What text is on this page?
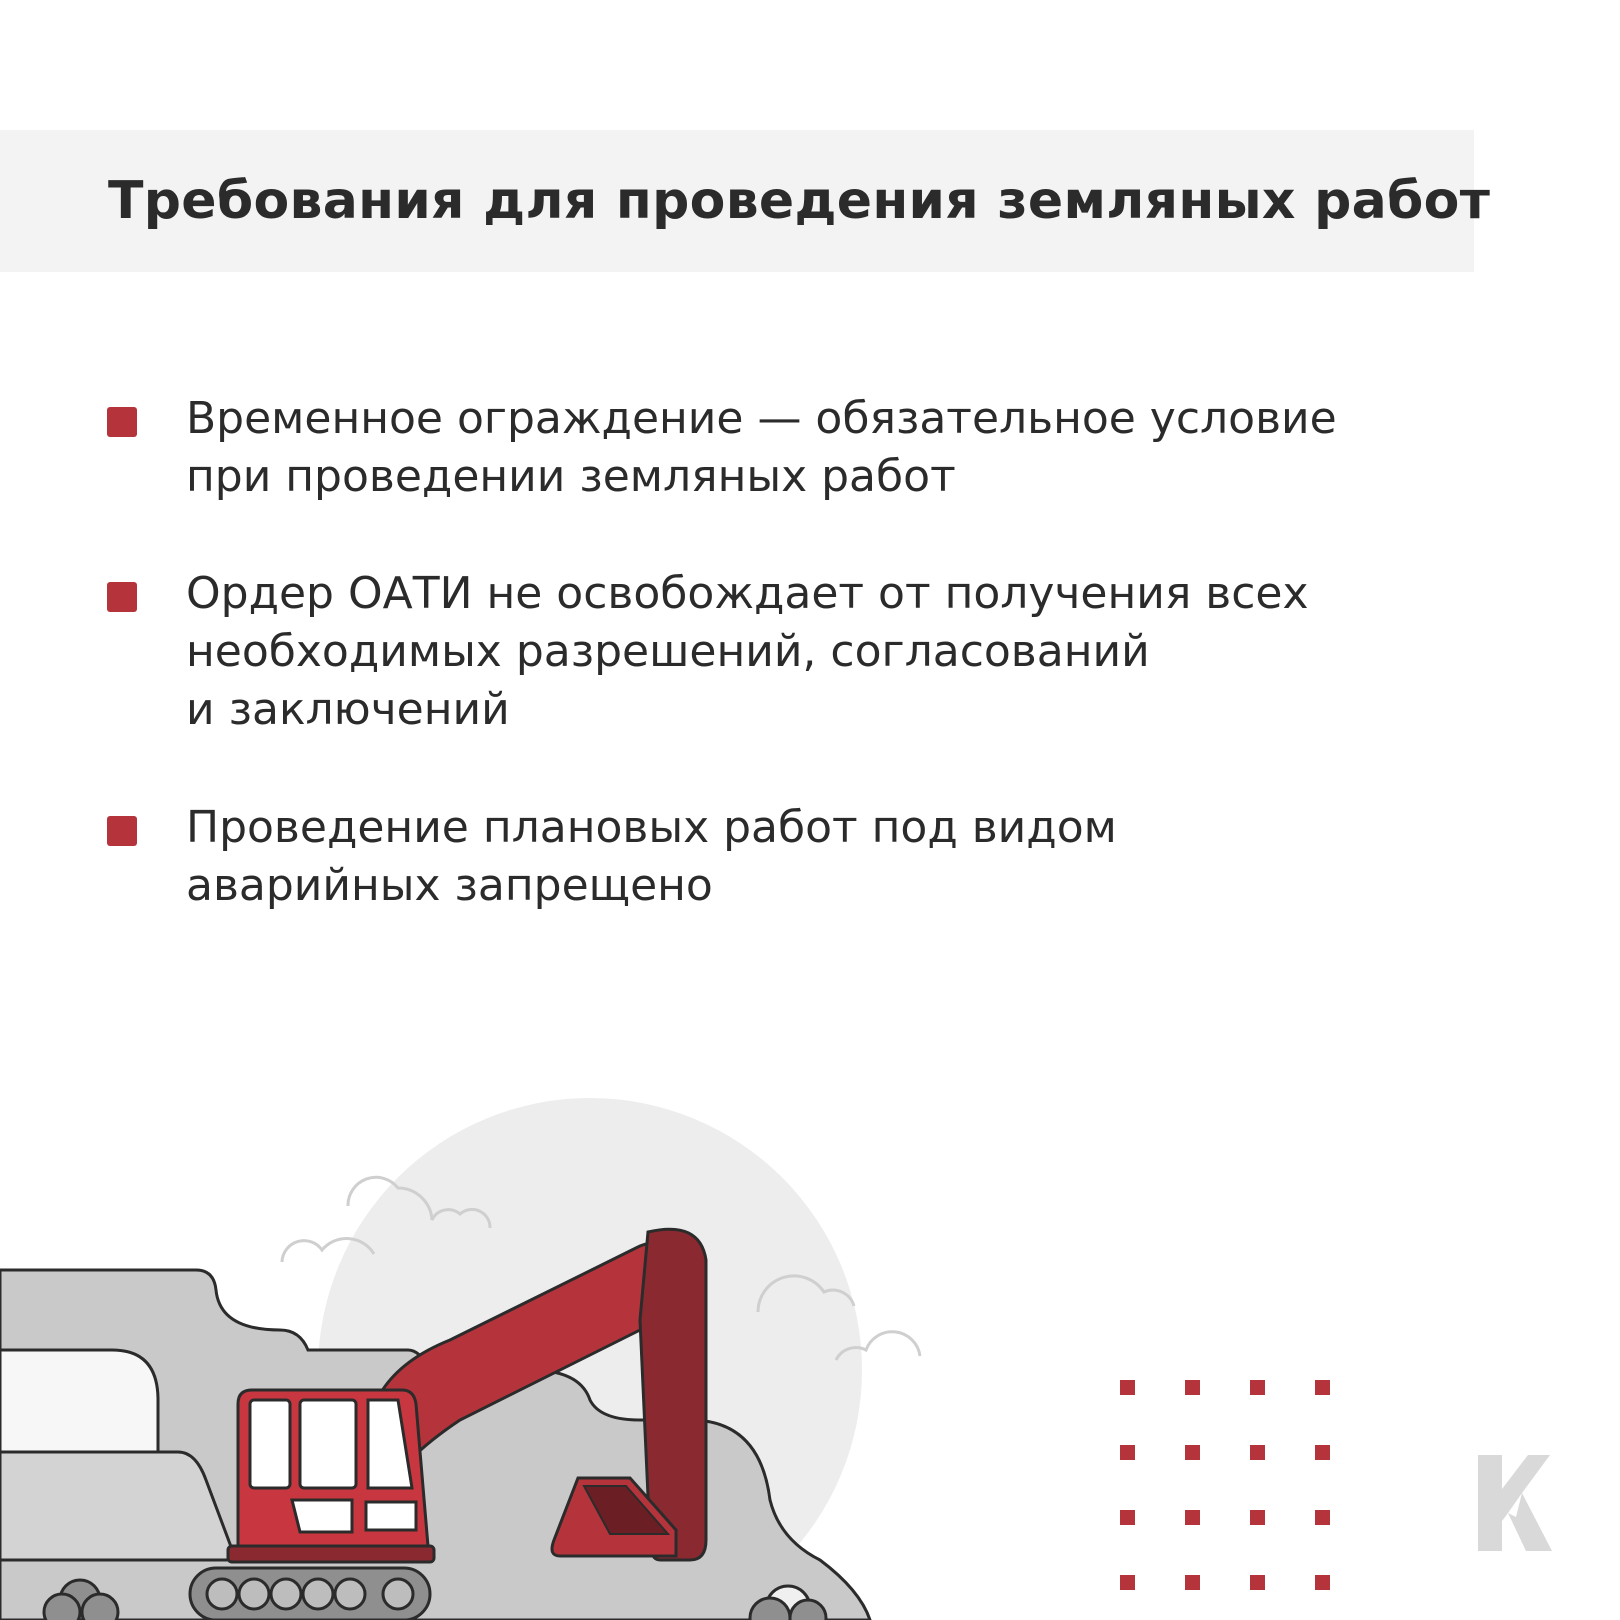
Требования для проведения земляных работ
Временное ограждение — обязательное условие
при проведении земляных работ
Ордер ОАТИ не освобождает от получения всех
необходимых разрешений, согласований
и заключений
Проведение плановых работ под видом
аварийных запрещено
